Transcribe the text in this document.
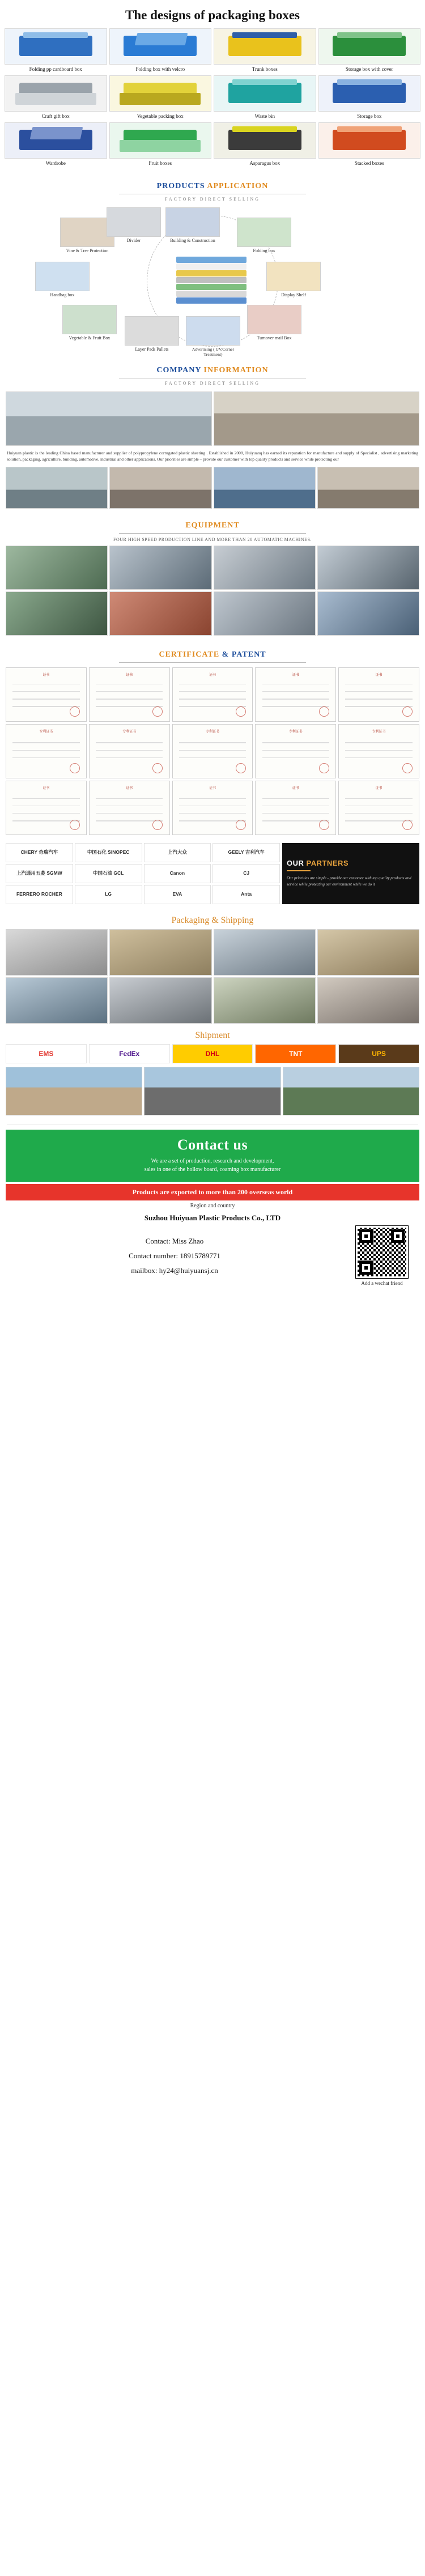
The designs of packaging boxes
Folding pp cardboard box	Folding box with velcro	Trunk boxes	Storage box with cover
Craft gift box	Vegetable packing box	Waste bin	Storage box
Wardrobe	Fruit boxes	Asparagus box	Stacked boxes
PRODUCTS APPLICATION
FACTORY DIRECT SELLING
Building & Construction
Folding box
Display Shelf
Turnover mail Box
Advertising ( UV,Corner Treatment)
Layer Pads Pallets
Vegetable & Fruit Box
Handbag box
Vine & Tree Protection
Divider
COMPANY INFORMATION
FACTORY DIRECT SELLING
Huiyuan plastic is the leading China based manufacturer and supplier of polypropylene corrugated plastic sheeting . Established in 2008, Huiyuanq has earned its reputation for manufacture and supply of Specialist , advertising marketing solution, packaging, agriculture, building, automotive, industrial and other applications. Our priorities are simple – provide our customer with top quality products and service while protecting our
EQUIPMENT
FOUR HIGH SPEED PRODUCTION LINE AND MORE THAN 20 AUTOMATIC MACHINES.
CERTIFICATE & PATENT
证书	证书	证书	证书	证书
专利证书	专利证书	专利证书	专利证书	专利证书
证书	证书	证书	证书	证书
CHERY 奇瑞汽车	中国石化 SINOPEC	上汽大众	GEELY 吉利汽车
上汽通用五菱 SGMW	中国石油 GCL	Canon	CJ
FERRERO ROCHER	LG	EVA	Anta
OUR PARTNERS
Our priorities are simple - provide our customer with top quality products and service while protecting our environment while we do it
Packaging & Shipping
Shipment
EMS	FedEx	DHL	TNT	UPS
Contact us
We are a set of production, research and development,
sales in one of the hollow board, coaming box manufacturer
Products are exported to more than 200 overseas world
Region and country
Suzhou Huiyuan Plastic Products Co., LTD
Contact: Miss Zhao
Contact number: 18915789771
mailbox: hy24@huiyuansj.cn
Add a wechat friend
